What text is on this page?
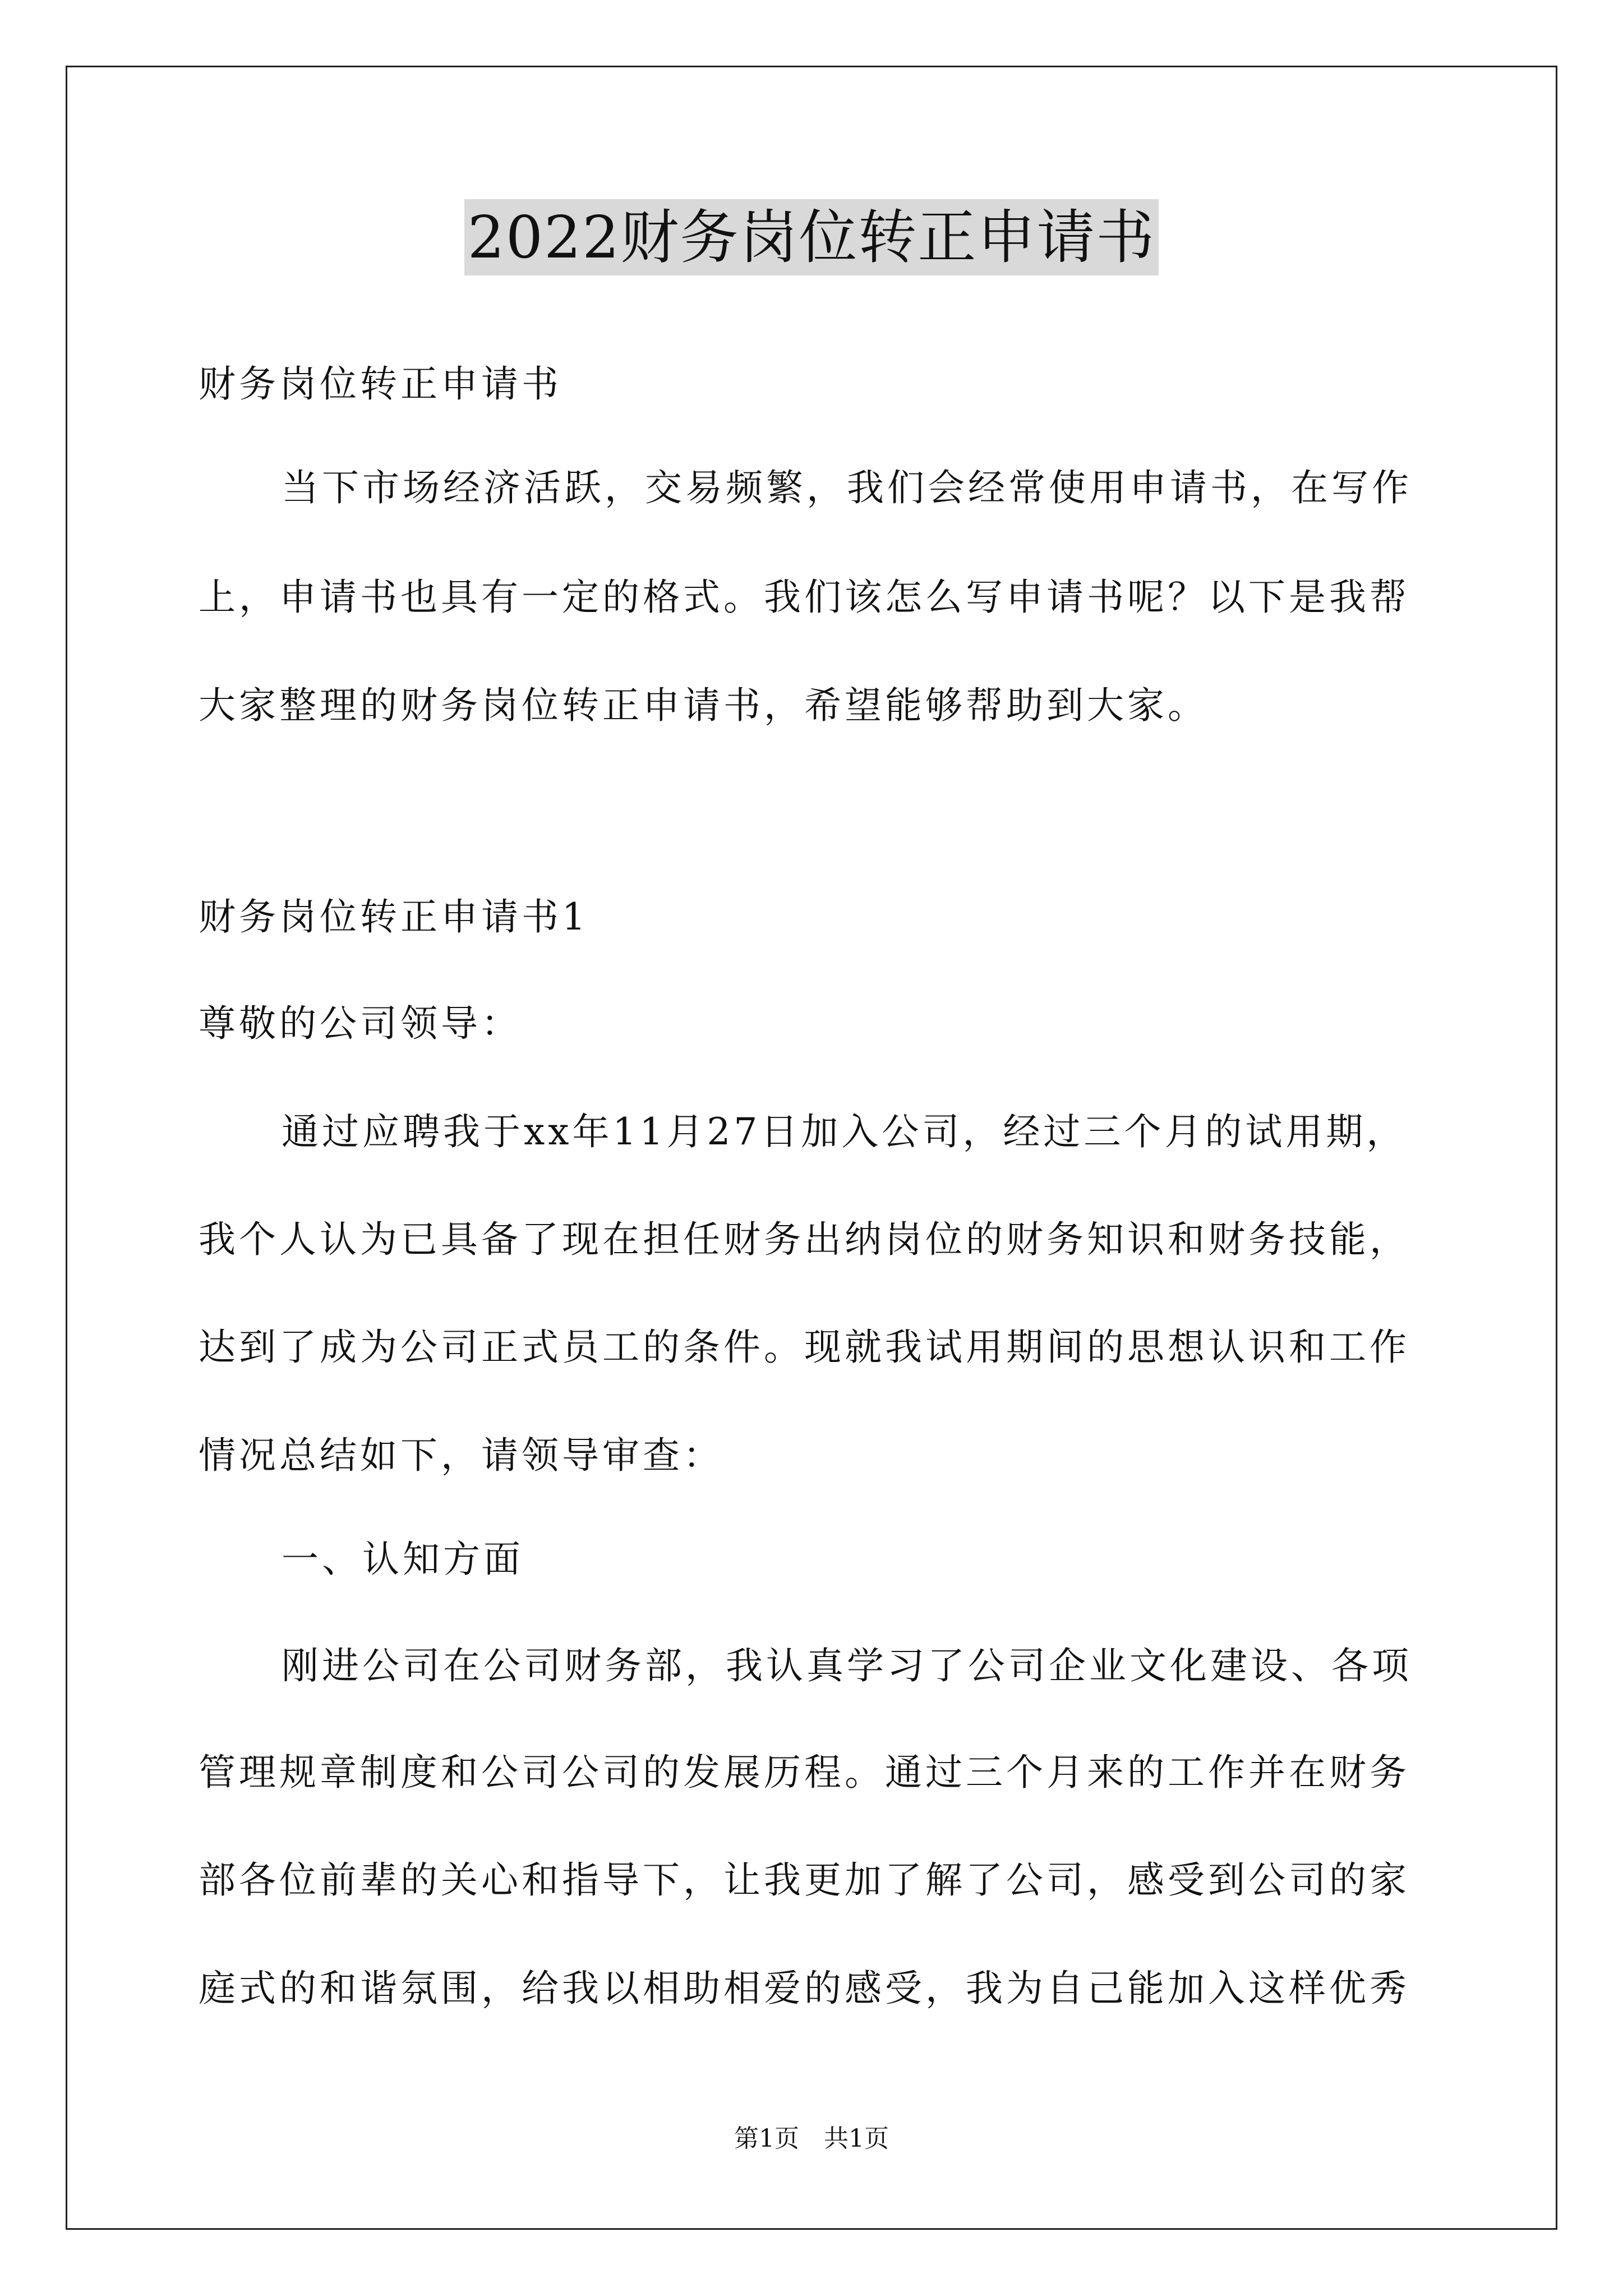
2022财务岗位转正申请书
财务岗位转正申请书
当下市场经济活跃，交易频繁，我们会经常使用申请书，在写作
上，申请书也具有一定的格式。我们该怎么写申请书呢？以下是我帮
大家整理的财务岗位转正申请书，希望能够帮助到大家。
财务岗位转正申请书1
尊敬的公司领导：
通过应聘我于xx年11月27日加入公司，经过三个月的试用期，
我个人认为已具备了现在担任财务出纳岗位的财务知识和财务技能，
达到了成为公司正式员工的条件。现就我试用期间的思想认识和工作
情况总结如下，请领导审查：
一、认知方面
刚进公司在公司财务部，我认真学习了公司企业文化建设、各项
管理规章制度和公司公司的发展历程。通过三个月来的工作并在财务
部各位前辈的关心和指导下，让我更加了解了公司，感受到公司的家
庭式的和谐氛围，给我以相助相爱的感受，我为自己能加入这样优秀
第1页　共1页
